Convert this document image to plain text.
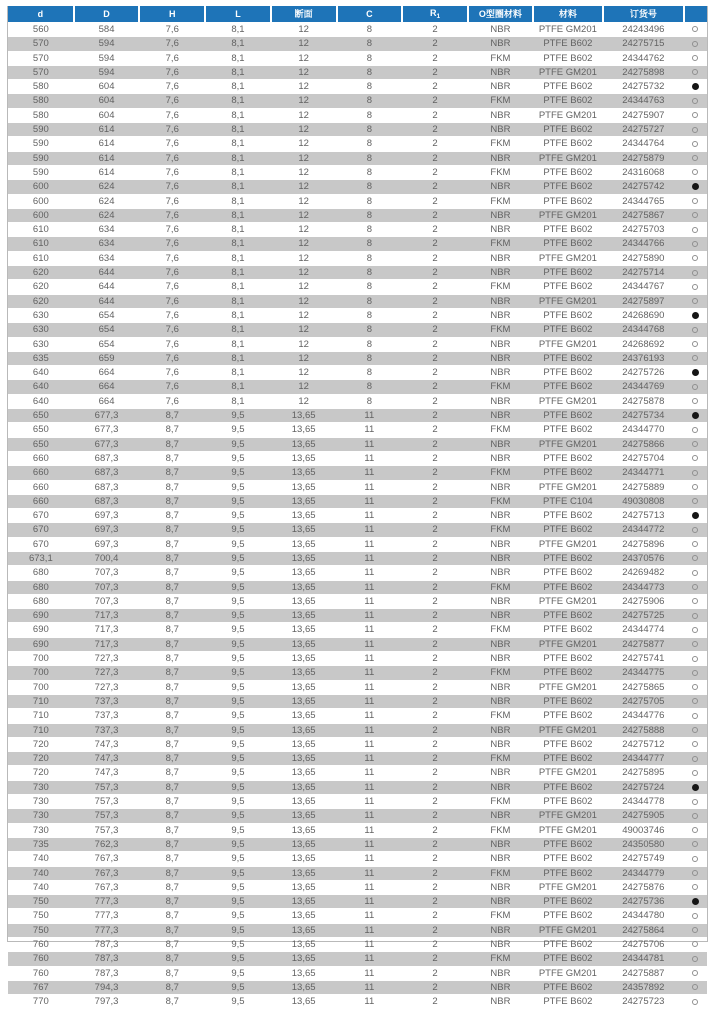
d	D	H	L	断面	C	$R_1$	O型圈材料	材料	订货号	
560	584	7,6	8,1	12	8	2	NBR	PTFE GM201	24243496	
570	594	7,6	8,1	12	8	2	NBR	PTFE B602	24275715	
570	594	7,6	8,1	12	8	2	FKM	PTFE B602	24344762	
570	594	7,6	8,1	12	8	2	NBR	PTFE GM201	24275898	
580	604	7,6	8,1	12	8	2	NBR	PTFE B602	24275732	
580	604	7,6	8,1	12	8	2	FKM	PTFE B602	24344763	
580	604	7,6	8,1	12	8	2	NBR	PTFE GM201	24275907	
590	614	7,6	8,1	12	8	2	NBR	PTFE B602	24275727	
590	614	7,6	8,1	12	8	2	FKM	PTFE B602	24344764	
590	614	7,6	8,1	12	8	2	NBR	PTFE GM201	24275879	
590	614	7,6	8,1	12	8	2	FKM	PTFE B602	24316068	
600	624	7,6	8,1	12	8	2	NBR	PTFE B602	24275742	
600	624	7,6	8,1	12	8	2	FKM	PTFE B602	24344765	
600	624	7,6	8,1	12	8	2	NBR	PTFE GM201	24275867	
610	634	7,6	8,1	12	8	2	NBR	PTFE B602	24275703	
610	634	7,6	8,1	12	8	2	FKM	PTFE B602	24344766	
610	634	7,6	8,1	12	8	2	NBR	PTFE GM201	24275890	
620	644	7,6	8,1	12	8	2	NBR	PTFE B602	24275714	
620	644	7,6	8,1	12	8	2	FKM	PTFE B602	24344767	
620	644	7,6	8,1	12	8	2	NBR	PTFE GM201	24275897	
630	654	7,6	8,1	12	8	2	NBR	PTFE B602	24268690	
630	654	7,6	8,1	12	8	2	FKM	PTFE B602	24344768	
630	654	7,6	8,1	12	8	2	NBR	PTFE GM201	24268692	
635	659	7,6	8,1	12	8	2	NBR	PTFE B602	24376193	
640	664	7,6	8,1	12	8	2	NBR	PTFE B602	24275726	
640	664	7,6	8,1	12	8	2	FKM	PTFE B602	24344769	
640	664	7,6	8,1	12	8	2	NBR	PTFE GM201	24275878	
650	677,3	8,7	9,5	13,65	11	2	NBR	PTFE B602	24275734	
650	677,3	8,7	9,5	13,65	11	2	FKM	PTFE B602	24344770	
650	677,3	8,7	9,5	13,65	11	2	NBR	PTFE GM201	24275866	
660	687,3	8,7	9,5	13,65	11	2	NBR	PTFE B602	24275704	
660	687,3	8,7	9,5	13,65	11	2	FKM	PTFE B602	24344771	
660	687,3	8,7	9,5	13,65	11	2	NBR	PTFE GM201	24275889	
660	687,3	8,7	9,5	13,65	11	2	FKM	PTFE C104	49030808	
670	697,3	8,7	9,5	13,65	11	2	NBR	PTFE B602	24275713	
670	697,3	8,7	9,5	13,65	11	2	FKM	PTFE B602	24344772	
670	697,3	8,7	9,5	13,65	11	2	NBR	PTFE GM201	24275896	
673,1	700,4	8,7	9,5	13,65	11	2	NBR	PTFE B602	24370576	
680	707,3	8,7	9,5	13,65	11	2	NBR	PTFE B602	24269482	
680	707,3	8,7	9,5	13,65	11	2	FKM	PTFE B602	24344773	
680	707,3	8,7	9,5	13,65	11	2	NBR	PTFE GM201	24275906	
690	717,3	8,7	9,5	13,65	11	2	NBR	PTFE B602	24275725	
690	717,3	8,7	9,5	13,65	11	2	FKM	PTFE B602	24344774	
690	717,3	8,7	9,5	13,65	11	2	NBR	PTFE GM201	24275877	
700	727,3	8,7	9,5	13,65	11	2	NBR	PTFE B602	24275741	
700	727,3	8,7	9,5	13,65	11	2	FKM	PTFE B602	24344775	
700	727,3	8,7	9,5	13,65	11	2	NBR	PTFE GM201	24275865	
710	737,3	8,7	9,5	13,65	11	2	NBR	PTFE B602	24275705	
710	737,3	8,7	9,5	13,65	11	2	FKM	PTFE B602	24344776	
710	737,3	8,7	9,5	13,65	11	2	NBR	PTFE GM201	24275888	
720	747,3	8,7	9,5	13,65	11	2	NBR	PTFE B602	24275712	
720	747,3	8,7	9,5	13,65	11	2	FKM	PTFE B602	24344777	
720	747,3	8,7	9,5	13,65	11	2	NBR	PTFE GM201	24275895	
730	757,3	8,7	9,5	13,65	11	2	NBR	PTFE B602	24275724	
730	757,3	8,7	9,5	13,65	11	2	FKM	PTFE B602	24344778	
730	757,3	8,7	9,5	13,65	11	2	NBR	PTFE GM201	24275905	
730	757,3	8,7	9,5	13,65	11	2	FKM	PTFE GM201	49003746	
735	762,3	8,7	9,5	13,65	11	2	NBR	PTFE B602	24350580	
740	767,3	8,7	9,5	13,65	11	2	NBR	PTFE B602	24275749	
740	767,3	8,7	9,5	13,65	11	2	FKM	PTFE B602	24344779	
740	767,3	8,7	9,5	13,65	11	2	NBR	PTFE GM201	24275876	
750	777,3	8,7	9,5	13,65	11	2	NBR	PTFE B602	24275736	
750	777,3	8,7	9,5	13,65	11	2	FKM	PTFE B602	24344780	
750	777,3	8,7	9,5	13,65	11	2	NBR	PTFE GM201	24275864	
760	787,3	8,7	9,5	13,65	11	2	NBR	PTFE B602	24275706	
760	787,3	8,7	9,5	13,65	11	2	FKM	PTFE B602	24344781	
760	787,3	8,7	9,5	13,65	11	2	NBR	PTFE GM201	24275887	
767	794,3	8,7	9,5	13,65	11	2	NBR	PTFE B602	24357892	
770	797,3	8,7	9,5	13,65	11	2	NBR	PTFE B602	24275723	
